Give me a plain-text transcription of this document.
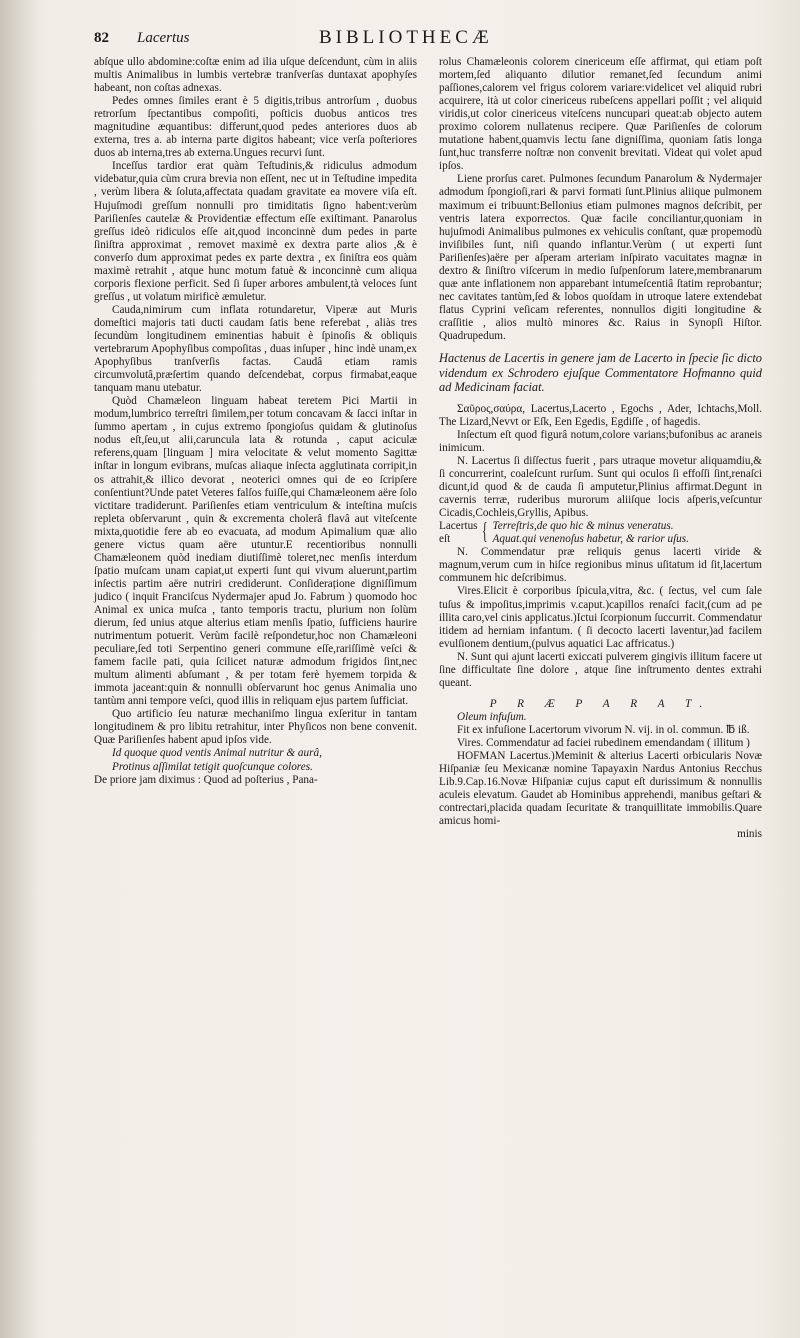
82 Lacertus	BIBLIOTHECÆ

abſque ullo abdomine:coſtæ enim ad ilia uſque deſcendunt, cùm in aliis multis Animalibus in lumbis vertebræ tranſverſas duntaxat apophyſes habeant, non coſtas adnexas.

Pedes omnes ſimiles erant è 5 digitis,tribus antrorſum , duobus retrorſum ſpectantibus compoſiti, poſticis duobus anticos tres magnitudine æquantibus: differunt,quod pedes anteriores duos ab externa, tres a. ab interna parte digitos habeant; vice verſa poſteriores duos ab interna,tres ab externa.Ungues recurvi ſunt.

Inceſſus tardior erat quàm Teſtudinis,& ridiculus admodum videbatur,quia cùm crura brevia non eſſent, nec ut in Teſtudine impedita , verùm libera & ſoluta,affectata quadam gravitate ea movere viſa eſt. Hujuſmodi greſſum nonnulli pro timiditatis ſigno habent:verùm Pariſienſes cautelæ & Providentiæ effectum eſſe exiſtimant. Panarolus greſſus ideò ridiculos eſſe ait,quod inconcinnè dum pedes in parte ſiniſtra approximat , removet maximè ex dextra parte alios ,& è converſo dum approximat pedes ex parte dextra , ex ſiniſtra eos quàm maximè retrahit , atque hunc motum fatuè & inconcinnè cum aliqua corporis flexione perficit. Sed ſi ſuper arbores ambulent,tà veloces ſunt greſſus , ut volatum mirificè æmuletur.

Cauda,nimirum cum inflata rotundaretur, Viperæ aut Muris domeſtici majoris tati ducti caudam ſatis bene referebat , aliàs tres ſecundùm longitudinem eminentias habuit è ſpinoſis & obliquis vertebrarum Apophyſibus compoſitas , duas inſuper , hinc indè unam,ex Apophyſibus tranſverſis factas. Caudâ etiam ramis circumvolutâ,præſertim quando deſcendebat, corpus firmabat,eaque tanquam manu utebatur.

Quòd Chamæleon linguam habeat teretem Pici Martii in modum,lumbrico terreſtri ſimilem,per totum concavam & ſacci inſtar in ſummo apertam , in cujus extremo ſpongioſus quidam & glutinoſus nodus eſt,ſeu,ut alii,caruncula lata & rotunda , caput aciculæ referens,quam [linguam ] mira velocitate & velut momento Sagittæ inſtar in longum evibrans, muſcas aliaque inſecta agglutinata corripit,in os attrahit,& illico devorat , neoterici omnes qui de eo ſcripſere conſentiunt?Unde patet Veteres falſos fuiſſe,qui Chamæleonem aëre ſolo victitare tradiderunt. Pariſienſes etiam ventriculum & inteſtina muſcis repleta obſervarunt , quin & excrementa cholerâ flavâ aut viteſcente mixta,quotidie fere ab eo evacuata, ad modum Apimalium quæ alio genere victus quam aëre utuntur.E recentioribus nonnulli Chamæleonem quòd inediam diutiſſimè toleret,nec menſis interdum ſpatio muſcam unam capiat,ut experti ſunt qui vivum aluerunt,partim inſectis partim aëre nutriri crediderunt. Conſiderațione digniſſimum judico ( inquit Franciſcus Nydermajer apud Jo. Fabrum ) quomodo hoc Animal ex unica muſca , tanto temporis tractu, plurium non ſolùm dierum, ſed unius atque alterius etiam menſis ſpatio, ſufficiens haurire nutrimentum potuerit. Verùm facilè reſpondetur,hoc non Chamæleoni peculiare,ſed toti Serpentino generi commune eſſe,rariſſimè veſci & famem facile pati, quia ſcilicet naturæ admodum frigidos ſint,nec multum alimenti abſumant , & per totam ferè hyemem torpida & immota jaceant:quin & nonnulli obſervarunt hoc genus Animalia uno tantùm anni tempore veſci, quod illis in reliquam ejus partem ſufficiat.

Quo artificio ſeu naturæ mechaniſmo lingua exſeritur in tantam longitudinem & pro libitu retrahitur, inter Phyſicos non bene convenit. Quæ Pariſienſes habent apud ipſos vide.

Id quoque quod ventis Animal nutritur & aurâ,

Protinus aſſimilat tetigit quoſcunque colores.

De priore jam diximus : Quod ad poſterius , Pana-

rolus Chamæleonis colorem cinericeum eſſe affirmat, qui etiam poſt mortem,ſed aliquanto dilutior remanet,ſed ſecundum animi paſſiones,calorem vel frigus colorem variare:videlicet vel aliquid rubri acquirere, ità ut color cinericeus rubeſcens appellari poſſit ; vel aliquid viridis,ut color cinericeus viteſcens nuncupari queat:ab objecto autem proximo colorem nullatenus recipere. Quæ Pariſienſes de colorum mutatione habent,quamvis lectu ſane digniſſima, quoniam ſatis longa ſunt,huc transferre noſtræ non convenit brevitati. Videat qui volet apud ipſos.

Liene prorſus caret. Pulmones ſecundum Panarolum & Nydermajer admodum ſpongioſi,rari & parvi formati ſunt.Plinius aliique pulmonem maximum ei tribuunt:Bellonius etiam pulmones magnos deſcribit, per ventris latera exporrectos. Quæ facile conciliantur,quoniam in hujuſmodi Animalibus pulmones ex vehiculis conſtant, quæ propemodù inviſibiles ſunt, niſi quando inflantur.Verùm ( ut experti ſunt Pariſienſes)aëre per aſperam arteriam inſpirato vacuitates magnæ in dextro & ſiniſtro viſcerum in medio ſuſpenſorum latere,membranarum quæ ante inflationem non apparebant intumeſcentiâ ſtatim reprobantur; nec cavitates tantùm,ſed & lobos quoſdam in utroque latere extendebat flatus Cyprini veſicam referentes, nonnullos digiti longitudine & craſſitie , alios multò minores &c. Raius in Synopſi Hiſtor. Quadrupedum.

Hactenus de Lacertis in genere jam de Lacerto in ſpecie ſic dicto videndum ex Schrodero ejuſque Commentatore Hofmanno quid ad Medicinam faciat.

Σαῦρος,σαύρα, Lacertus,Lacerto , Egochs , Ader, Ichtachs,Moll. The Lizard,Nevvt or Eſk, Een Egedis, Egdiſſe , of hagedis.

Inſectum eſt quod figurâ notum,colore varians;bufonibus ac araneis inimicum.

N. Lacertus ſi diſſectus fuerit , pars utraque movetur aliquamdiu,& ſi concurrerint, coaleſcunt rurſum. Sunt qui oculos ſi effoſſi ſint,renaſci dicunt,id quod & de cauda ſi amputetur,Plinius affirmat.Degunt in cavernis terræ, ruderibus murorum aliiſque locis aſperis,veſcuntur Cicadis,Cochleis,Gryllis, Apibus.

Lacertus eſt	{ Terreſtris,de quo hic & minus veneratus.
Aquat.qui venenoſus habetur, & rarior uſus.

N. Commendatur præ reliquis genus lacerti viride & magnum,verum cum in hiſce regionibus minus uſitatum id ſit,lacertum communem hic deſcribimus.

Vires.Elicit è corporibus ſpicula,vitra, &c. ( ſectus, vel cum ſale tuſus & impoſitus,imprimis v.caput.)capillos renaſci facit,(cum ad pe illita caro,vel cinis applicatus.)Ictui ſcorpionum ſuccurrit. Commendatur itidem ad herniam infantum. ( ſi decocto lacerti laventur,)ad facilem evulſionem dentium,(pulvus aquatici Lac affricatus.)

N. Sunt qui ajunt lacerti exiccati pulverem gingivis illitum facere ut ſine difficultate ſine dolore , atque ſine inſtrumento dentes extrahi queant.

P R Æ P A R A T.

Oleum infuſum.

Fit ex infuſione Lacertorum vivorum N. vij. in ol. commun. ℔ iß.

Vires. Commendatur ad faciei rubedinem emendandam ( illitum )

HOFMAN Lacertus.)Meminit & alterius Lacerti orbicularis Novæ Hiſpaniæ ſeu Mexicanæ nomine Tapayaxin Nardus Antonius Recchus Lib.9.Cap.16.Novæ Hiſpaniæ cujus caput eſt durissimum & nonnullis aculeis elevatum. Gaudet ab Hominibus apprehendi, manibus geſtari & contrectari,placida quadam ſecuritate & tranquillitate immobilis.Quare amicus homi-

minis
